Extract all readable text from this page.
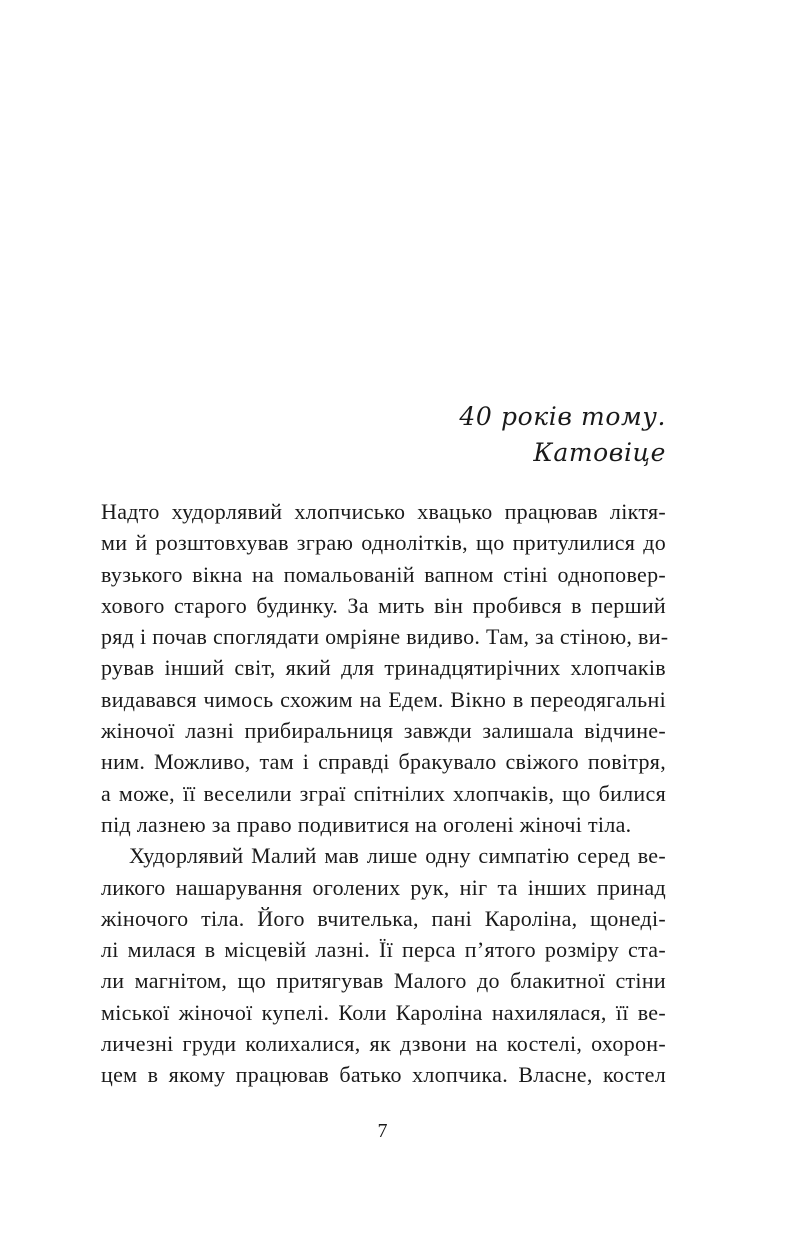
40 років тому.
Катовіце
Надто худорлявий хлопчисько хвацько працював ліктя-
ми й розштовхував зграю однолітків, що притулилися до
вузького вікна на помальованій вапном стіні одноповер-
хового старого будинку. За мить він пробився в перший
ряд і почав споглядати омріяне видиво. Там, за стіною, ви-
рував інший світ, який для тринадцятирічних хлопчаків
видавався чимось схожим на Едем. Вікно в переодягальні
жіночої лазні прибиральниця завжди залишала відчине-
ним. Можливо, там і справді бракувало свіжого повітря,
а може, її веселили зграї спітнілих хлопчаків, що билися
під лазнею за право подивитися на оголені жіночі тіла.
Худорлявий Малий мав лише одну симпатію серед ве-
ликого нашарування оголених рук, ніг та інших принад
жіночого тіла. Його вчителька, пані Кароліна, щонеді-
лі милася в місцевій лазні. Її перса п’ятого розміру ста-
ли магнітом, що притягував Малого до блакитної стіни
міської жіночої купелі. Коли Кароліна нахилялася, її ве-
личезні груди колихалися, як дзвони на костелі, охорон-
цем в якому працював батько хлопчика. Власне, костел
7
